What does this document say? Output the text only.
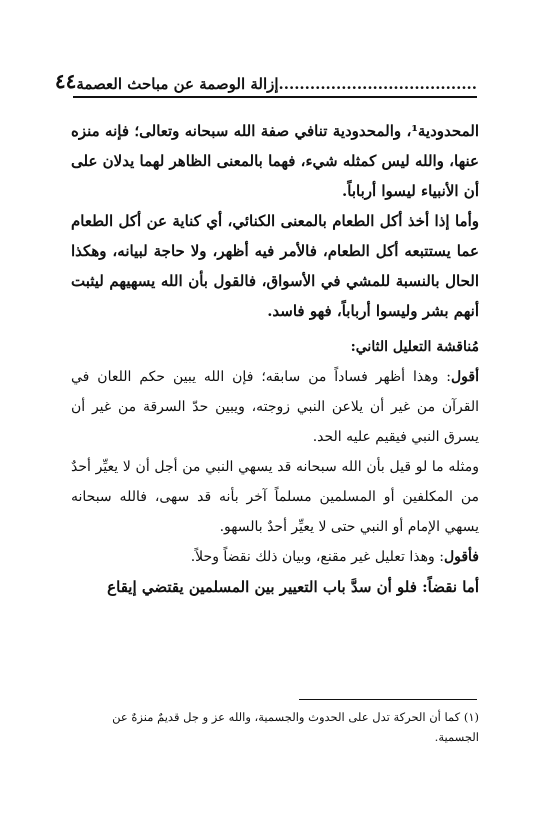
......................................إزالة الوصمة عن مباحث العصمة
٤٤

المحدودية¹، والمحدودية تنافي صفة الله سبحانه وتعالى؛ فإنه منزه عنها، والله ليس كمثله شيء، فهما بالمعنى الظاهر لهما يدلان على أن الأنبياء ليسوا أرباباً.

وأما إذا أخذ أكل الطعام بالمعنى الكنائي، أي كناية عن أكل الطعام عما يستتبعه أكل الطعام، فالأمر فيه أظهر، ولا حاجة لبيانه، وهكذا الحال بالنسبة للمشي في الأسواق، فالقول بأن الله يسهيهم ليثبت أنهم بشر وليسوا أرباباً، فهو فاسد.

مُناقشة التعليل الثاني:

أقول: وهذا أظهر فساداً من سابقه؛ فإن الله يبين حكم اللعان في القرآن من غير أن يلاعن النبي زوجته، ويبين حدّ السرقة من غير أن يسرق النبي فيقيم عليه الحد.

ومثله ما لو قيل بأن الله سبحانه قد يسهي النبي من أجل أن لا يعيِّر أحدٌ من المكلفين أو المسلمين مسلماً آخر بأنه قد سهى، فالله سبحانه يسهي الإمام أو النبي حتى لا يعيِّر أحدٌ بالسهو.

فأقول: وهذا تعليل غير مقنع، وبيان ذلك نقضاً وحلاً.

أما نقضاً: فلو أن سدَّ باب التعيير بين المسلمين يقتضي إيقاع

(١) كما أن الحركة تدل على الحدوث والجسمية، والله عز و جل قديمٌ منزهٌ عن الجسمية.
